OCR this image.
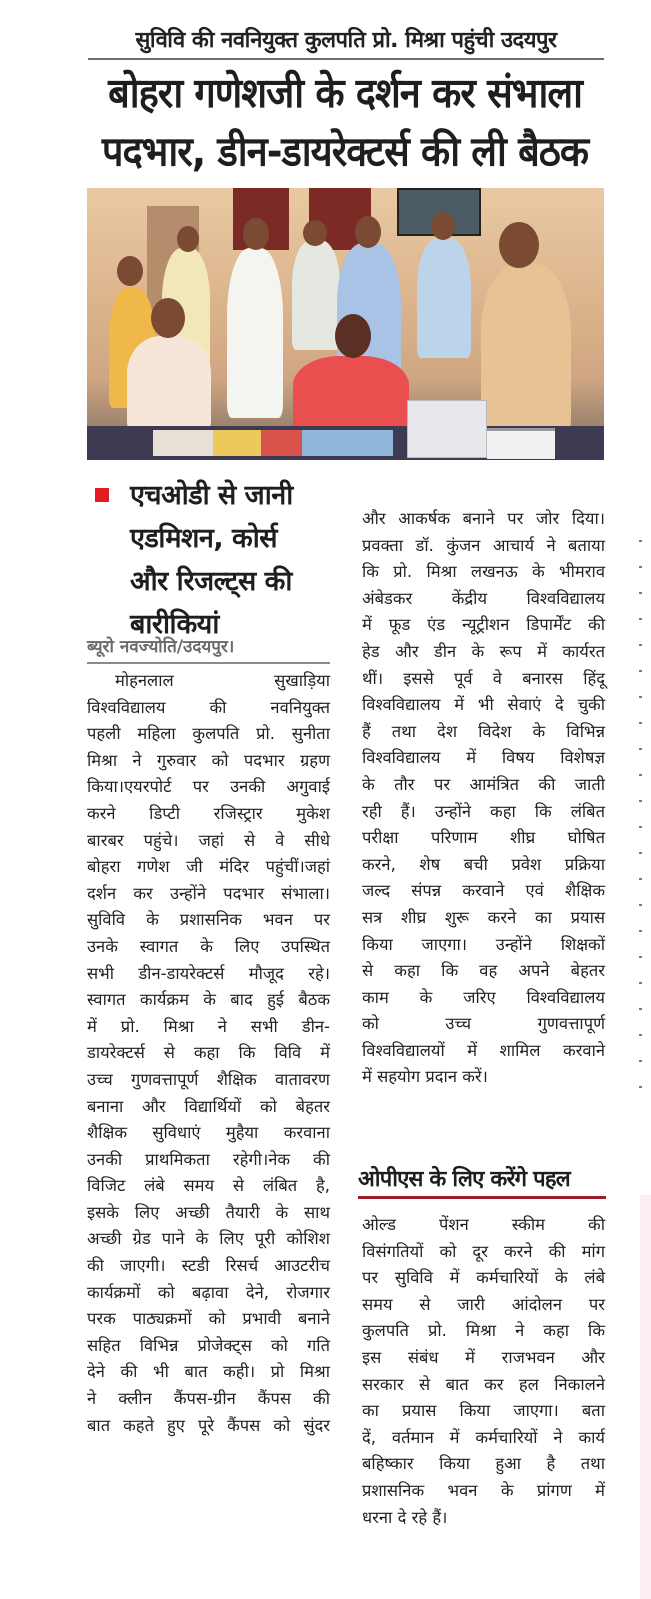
सुविवि की नवनियुक्त कुलपति प्रो. मिश्रा पहुंची उदयपुर
बोहरा गणेशजी के दर्शन कर संभाला
पदभार, डीन-डायरेक्टर्स की ली बैठक
एचओडी से जानी
एडमिशन, कोर्स
और रिजल्ट्स की
बारीकियां
ब्यूरो नवज्योति/उदयपुर।
मोहनलाल सुखाड़िया
विश्वविद्यालय की नवनियुक्त
पहली महिला कुलपति प्रो. सुनीता
मिश्रा ने गुरुवार को पदभार ग्रहण
किया।एयरपोर्ट पर उनकी अगुवाई
करने डिप्टी रजिस्ट्रार मुकेश
बारबर पहुंचे। जहां से वे सीधे
बोहरा गणेश जी मंदिर पहुंचीं।जहां
दर्शन कर उन्होंने पदभार संभाला।
सुविवि के प्रशासनिक भवन पर
उनके स्वागत के लिए उपस्थित
सभी डीन-डायरेक्टर्स मौजूद रहे।
स्वागत कार्यक्रम के बाद हुई बैठक
में प्रो. मिश्रा ने सभी डीन-
डायरेक्टर्स से कहा कि विवि में
उच्च गुणवत्तापूर्ण शैक्षिक वातावरण
बनाना और विद्यार्थियों को बेहतर
शैक्षिक सुविधाएं मुहैया करवाना
उनकी प्राथमिकता रहेगी।नेक की
विजिट लंबे समय से लंबित है,
इसके लिए अच्छी तैयारी के साथ
अच्छी ग्रेड पाने के लिए पूरी कोशिश
की जाएगी। स्टडी रिसर्च आउटरीच
कार्यक्रमों को बढ़ावा देने, रोजगार
परक पाठ्यक्रमों को प्रभावी बनाने
सहित विभिन्न प्रोजेक्ट्स को गति
देने की भी बात कही। प्रो मिश्रा
ने क्लीन कैंपस-ग्रीन कैंपस की
बात कहते हुए पूरे कैंपस को सुंदर
और आकर्षक बनाने पर जोर दिया।
प्रवक्ता डॉ. कुंजन आचार्य ने बताया
कि प्रो. मिश्रा लखनऊ के भीमराव
अंबेडकर केंद्रीय विश्वविद्यालय
में फूड एंड न्यूट्रीशन डिपार्मेंट की
हेड और डीन के रूप में कार्यरत
थीं। इससे पूर्व वे बनारस हिंदू
विश्वविद्यालय में भी सेवाएं दे चुकी
हैं तथा देश विदेश के विभिन्न
विश्वविद्यालय में विषय विशेषज्ञ
के तौर पर आमंत्रित की जाती
रही हैं। उन्होंने कहा कि लंबित
परीक्षा परिणाम शीघ्र घोषित
करने, शेष बची प्रवेश प्रक्रिया
जल्द संपन्न करवाने एवं शैक्षिक
सत्र शीघ्र शुरू करने का प्रयास
किया जाएगा। उन्होंने शिक्षकों
से कहा कि वह अपने बेहतर
काम के जरिए विश्वविद्यालय
को उच्च गुणवत्तापूर्ण
विश्वविद्यालयों में शामिल करवाने
में सहयोग प्रदान करें।
ओपीएस के लिए करेंगे पहल
ओल्ड पेंशन स्कीम की
विसंगतियों को दूर करने की मांग
पर सुविवि में कर्मचारियों के लंबे
समय से जारी आंदोलन पर
कुलपति प्रो. मिश्रा ने कहा कि
इस संबंध में राजभवन और
सरकार से बात कर हल निकालने
का प्रयास किया जाएगा। बता
दें, वर्तमान में कर्मचारियों ने कार्य
बहिष्कार किया हुआ है तथा
प्रशासनिक भवन के प्रांगण में
धरना दे रहे हैं।
